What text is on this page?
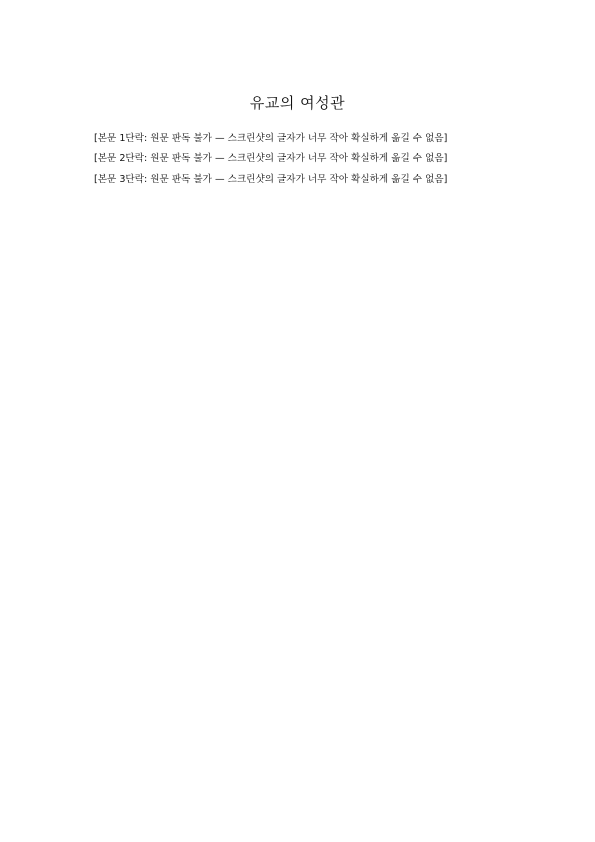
유교의 여성관

[본문 1단락: 원문 판독 불가 — 스크린샷의 글자가 너무 작아 확실하게 옮길 수 없음]

[본문 2단락: 원문 판독 불가 — 스크린샷의 글자가 너무 작아 확실하게 옮길 수 없음]

[본문 3단락: 원문 판독 불가 — 스크린샷의 글자가 너무 작아 확실하게 옮길 수 없음]
